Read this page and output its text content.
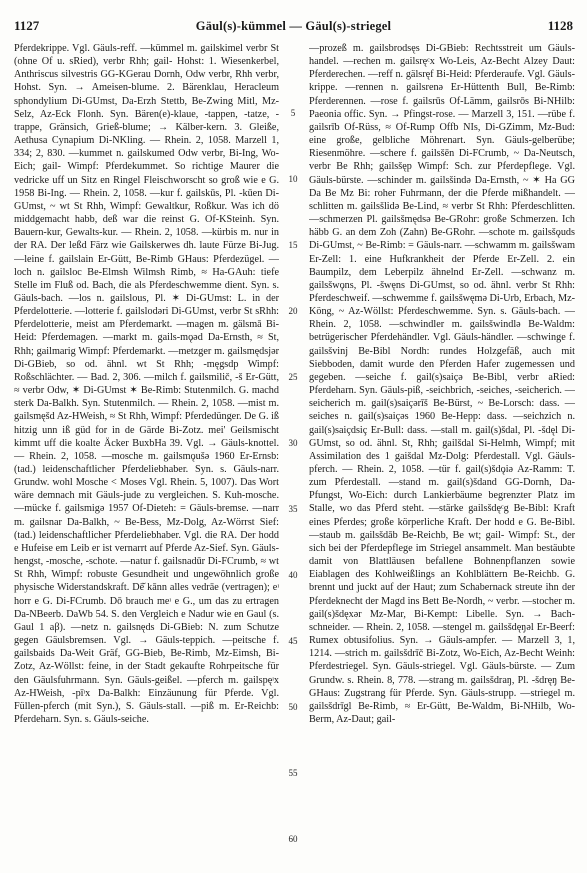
1127	Gäul(s)-kümmel — Gäul(s)-striegel	1128

Pferdekrippe. Vgl. Gäuls-reff. —kümmel m. gailskimel verbr St (ohne Of u. sRied), verbr Rhh; gail- Hohst: 1. Wiesenkerbel, Anthriscus silvestris GG-KGerau Dornh, Odw verbr, Rhh verbr, Hohst. Syn. → Ameisen-blume. 2. Bärenklau, Heracleum sphondylium Di-GUmst, Da-Erzh Stettb, Be-Zwing Mitl, Mz-Selz, Az-Eck Flonh. Syn. Bären(e)-klaue, -tappen, -tatze, -trappe, Gränsich, Grieß-blume; → Kälber-kern. 3. Gleiße, Aethusa Cynapium Di-NKling. — Rhein. 2, 1058. Marzell 1, 334; 2, 830. —kummet n. gailskumed Odw verbr, Bi-Ing, Wo-Eich; gail- Wimpf: Pferdekummet. So richtige Maurer die vedricke uff un Sitz en Ringel Fleischworscht so groß wie e G. 1958 Bi-Ing. — Rhein. 2, 1058. —kur f. gailskūs, Pl. -kūen Di-GUmst, ~ wt St Rhh, Wimpf: Gewaltkur, Roßkur. Was ich dö middgemacht habb, deß war die reinst G. Of-KSteinh. Syn. Bauern-kur, Gewalts-kur. — Rhein. 2, 1058. —kürbis m. nur in der RA. Der leßd Färz wie Gailskerwes dh. laute Fürze Bi-Jug. —leine f. gailslain Er-Gütt, Be-Rimb GHaus: Pferdezügel. —loch n. gailsloc Be-Elmsh Wilmsh Rimb, ≈ Ha-GAuh: tiefe Stelle im Fluß od. Bach, die als Pferdeschwemme dient. Syn. s. Gäuls-bach. —los n. gailslous, Pl. ✶ Di-GUmst: L. in der Pferdelotterie. —lotterie f. gailslodəri Di-GUmst, verbr St sRhh: Pferdelotterie, meist am Pferdemarkt. —magen m. gälsmā Bi-Heid: Pferdemagen. —markt m. gails-mǫəd Da-Ernsth, ≈ St, Rhh; gailmarig Wimpf: Pferdemarkt. —metzger m. gailsmędsjər Di-GBieb, so od. ähnl. wt St Rhh; -męgsdp Wimpf: Roßschlächter. — Bad. 2, 306. —milch f. gailsmilič, -š Er-Gütt, ≈ verbr Odw, ✶ Di-GUmst ✶ Be-Rimb: Stutenmilch. G. machd sterk Da-Balkh. Syn. Stutenmilch. — Rhein. 2, 1058. —mist m. gailsmęšd Az-HWeish, ≈ St Rhh, Wimpf: Pferdedünger. De G. iß hitzig unn iß güd for in de Gärde Bi-Zotz. mei' Geilsmischt kimmt uff die koalte Äcker BuxbHa 39. Vgl. → Gäuls-knottel. — Rhein. 2, 1058. —mosche m. gailsmǫušə 1960 Er-Ernsb: (tad.) leidenschaftlicher Pferdeliebhaber. Syn. s. Gäuls-narr. Grundw. wohl Mosche < Moses Vgl. Rhein. 5, 1007). Das Wort wäre demnach mit Gäuls-jude zu vergleichen. S. Kuh-mosche. —mücke f. gailsmigə 1957 Of-Dieteh: = Gäuls-bremse. —narr m. gailsnar Da-Balkh, ~ Be-Bess, Mz-Dolg, Az-Wörrst Sief: (tad.) leidenschaftlicher Pferdeliebhaber. Vgl. die RA. Der hodd e Hufeise em Leib er ist vernarrt auf Pferde Az-Sief. Syn. Gäuls-hengst, -mosche, -schote. —natur f. gailsnadūr Di-FCrumb, ≈ wt St Rhh, Wimpf: robuste Gesundheit und ungewöhnlich große physische Widerstandskraft. Dē̆ kānn alles vedrāe (vertragen); eᶦ horr e G. Di-FCrumb. Dō brauch meᶦ e G., um das zu ertragen Da-NBeerb. DaWb 54. S. den Vergleich e Nadur wie en Gaul (s. Gaul 1 aβ). —netz n. gailsnęds Di-GBieb: N. zum Schutze gegen Gäulsbremsen. Vgl. → Gäuls-teppich. —peitsche f. gailsbaids Da-Weit Gräf, GG-Bieb, Be-Rimb, Mz-Eimsh, Bi-Zotz, Az-Wöllst: feine, in der Stadt gekaufte Rohrpeitsche für den Gäulsfuhrmann. Syn. Gäuls-geißel. —pferch m. gailspęᶦx Az-HWeish, -pīᶦx Da-Balkh: Einzäunung für Pferde. Vgl. Füllen-pferch (mit Syn.), S. Gäuls-stall. —piß m. Er-Reichb: Pferdeharn. Syn. s. Gäuls-seiche.

5
10
15
20
25
30
35
40
45
50
55
60

—prozeß m. gailsbrodsęs Di-GBieb: Rechtsstreit um Gäuls-handel. —rechen m. gailsręᶜx Wo-Leis, Az-Becht Alzey Daut: Pferderechen. —reff n. gälsręf Bi-Heid: Pferderaufe. Vgl. Gäuls-krippe. —rennen n. gailsrenə Er-Hüttenth Bull, Be-Rimb: Pferderennen. —rose f. gailsrūs Of-Lämm, gailsrōs Bi-NHilb: Paeonia offic. Syn. → Pfingst-rose. — Marzell 3, 151. —rübe f. gailsrīb Of-Rüss, ≈ Of-Rump Offb NIs, Di-GZimm, Mz-Bud: eine große, gelbliche Möhrenart. Syn. Gäuls-gelberübe; Riesenmöhre. —schere f. gailsšēn Di-FCrumb, ~ Da-Neutsch, verbr Be Rhh; gailsšęp Wimpf: Sch. zur Pferdepflege. Vgl. Gäuls-bürste. —schinder m. gailsšində Da-Ernsth, ~ ✶ Ha GG Da Be Mz Bi: roher Fuhrmann, der die Pferde mißhandelt. —schlitten m. gailsšlidə Be-Lind, ≈ verbr St Rhh: Pferdeschlitten. —schmerzen Pl. gailsšmędsə Be-GRohr: große Schmerzen. Ich häbb G. an dem Zoh (Zahn) Be-GRohr. —schote m. gailsšǫuds Di-GUmst, ~ Be-Rimb: = Gäuls-narr. —schwamm m. gailsšwam Er-Zell: 1. eine Hufkrankheit der Pferde Er-Zell. 2. ein Baumpilz, dem Leberpilz ähnelnd Er-Zell. —schwanz m. gailsšwǫns, Pl. -šwęns Di-GUmst, so od. ähnl. verbr St Rhh: Pferdeschweif. —schwemme f. gailsšwęmə Di-Urb, Erbach, Mz-Köng, ~ Az-Wöllst: Pferdeschwemme. Syn. s. Gäuls-bach. — Rhein. 2, 1058. —schwindler m. gailsšwindlə Be-Waldm: betrügerischer Pferdehändler. Vgl. Gäuls-händler. —schwinge f. gailsšvinj Be-Bibl Nordh: rundes Holzgefäß, auch mit Siebboden, damit wurde den Pferden Hafer zugemessen und gegeben. —seiche f. gail(s)saiçə Be-Bibl, verbr aRied: Pferdeharn. Syn. Gäuls-piß, -seichbrich, -seiches, -seicherich. —seicherich m. gail(s)saiçərīš Be-Bürst, ~ Be-Lorsch: dass. —seiches n. gail(s)saiçəs 1960 Be-Hepp: dass. —seichzich n. gail(s)saiçdsiç Er-Bull: dass. —stall m. gail(s)šdal, Pl. -šdęl Di-GUmst, so od. ähnl. St, Rhh; gailšdal Si-Helmh, Wimpf; mit Assimilation des 1 gaišdal Mz-Dolg: Pferdestall. Vgl. Gäuls-pferch. — Rhein. 2, 1058. —tür f. gail(s)šdǫiə Az-Ramm: T. zum Pferdestall. —stand m. gail(s)šdand GG-Dornh, Da-Pfungst, Wo-Eich: durch Lankierbäume begrenzter Platz im Stalle, wo das Pferd steht. —stärke gailsšdęᶜg Be-Bibl: Kraft eines Pferdes; große körperliche Kraft. Der hodd e G. Be-Bibl. —staub m. gailsšdāb Be-Reichb, Be wt; gail- Wimpf: St., der sich bei der Pferdepflege im Striegel ansammelt. Man bestäubte damit von Blattläusen befallene Bohnenpflanzen sowie Eiablagen des Kohlweißlings an Kohlblättern Be-Reichb. G. brennt und juckt auf der Haut; zum Schabernack streute ihn der Pferdeknecht der Magd ins Bett Be-Nordh, ~ verbr. —stocher m. gail(s)šdęxər Mz-Mar, Bi-Kempt: Libelle. Syn. → Bach-schneider. — Rhein. 2, 1058. —stengel m. gailsšdęŋəl Er-Beerf: Rumex obtusifolius. Syn. → Gäuls-ampfer. — Marzell 3, 1, 1214. —strich m. gailsšdrīč Bi-Zotz, Wo-Eich, Az-Becht Weinh: Pferdestriegel. Syn. Gäuls-striegel. Vgl. Gäuls-bürste. — Zum Grundw. s. Rhein. 8, 778. —strang m. gailsšdraŋ, Pl. -šdręŋ Be-GHaus: Zugstrang für Pferde. Syn. Gäuls-strupp. —striegel m. gailsšdrīgl Be-Rimb, ≈ Er-Gütt, Be-Waldm, Bi-NHilb, Wo-Berm, Az-Daut; gail-
